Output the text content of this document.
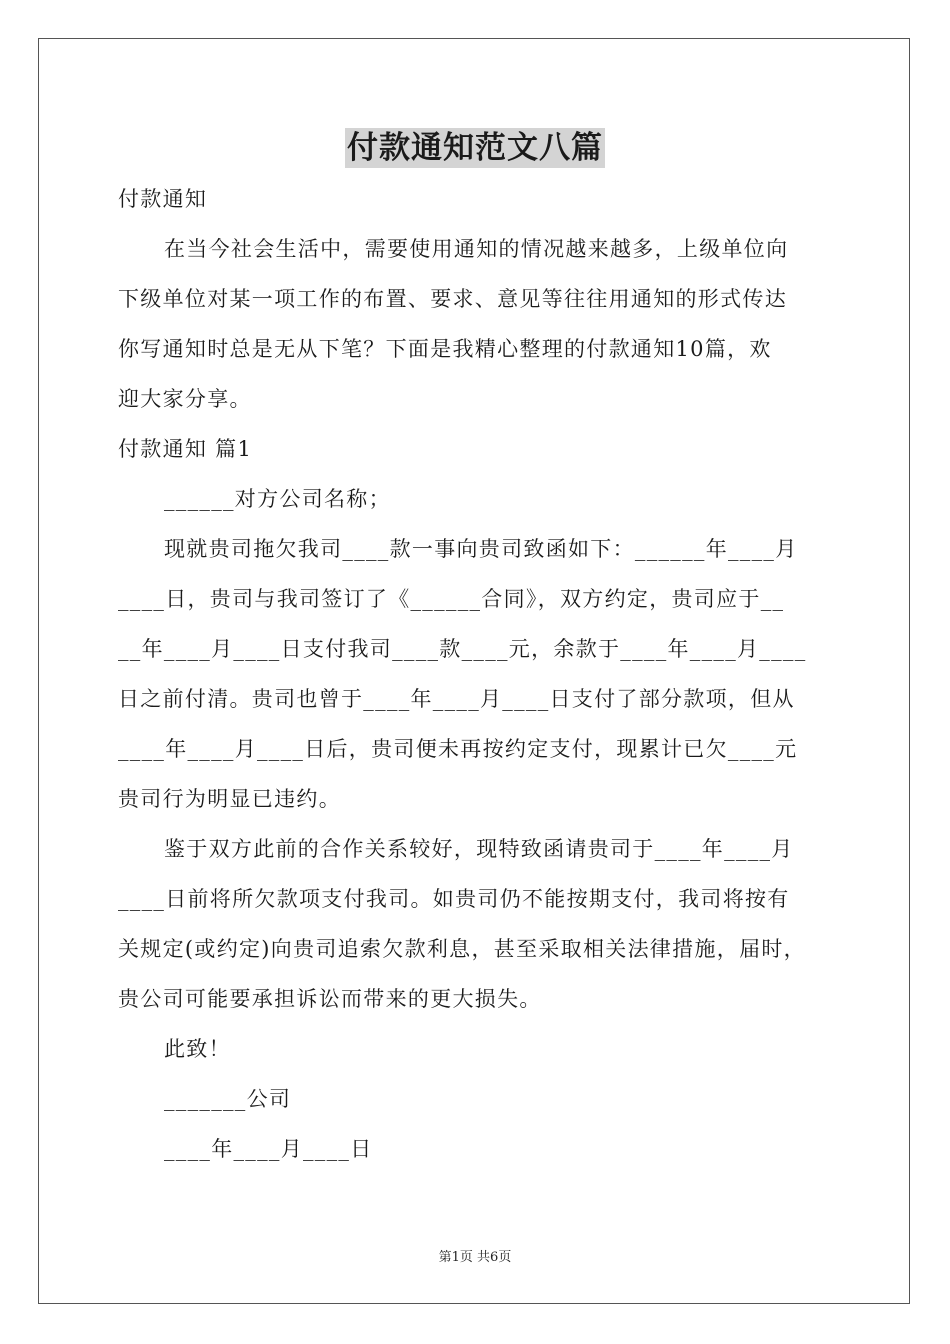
付款通知范文八篇
付款通知
在当今社会生活中，需要使用通知的情况越来越多，上级单位向
下级单位对某一项工作的布置、要求、意见等往往用通知的形式传达
你写通知时总是无从下笔？下面是我精心整理的付款通知10篇，欢
迎大家分享。
付款通知 篇1
______对方公司名称；
现就贵司拖欠我司____款一事向贵司致函如下：______年____月
____日，贵司与我司签订了《______合同》，双方约定，贵司应于__
__年____月____日支付我司____款____元，余款于____年____月____
日之前付清。贵司也曾于____年____月____日支付了部分款项，但从
____年____月____日后，贵司便未再按约定支付，现累计已欠____元
贵司行为明显已违约。
鉴于双方此前的合作关系较好，现特致函请贵司于____年____月
____日前将所欠款项支付我司。如贵司仍不能按期支付，我司将按有
关规定(或约定)向贵司追索欠款利息，甚至采取相关法律措施，届时，
贵公司可能要承担诉讼而带来的更大损失。
此致！
_______公司
____年____月____日
第1页 共6页
